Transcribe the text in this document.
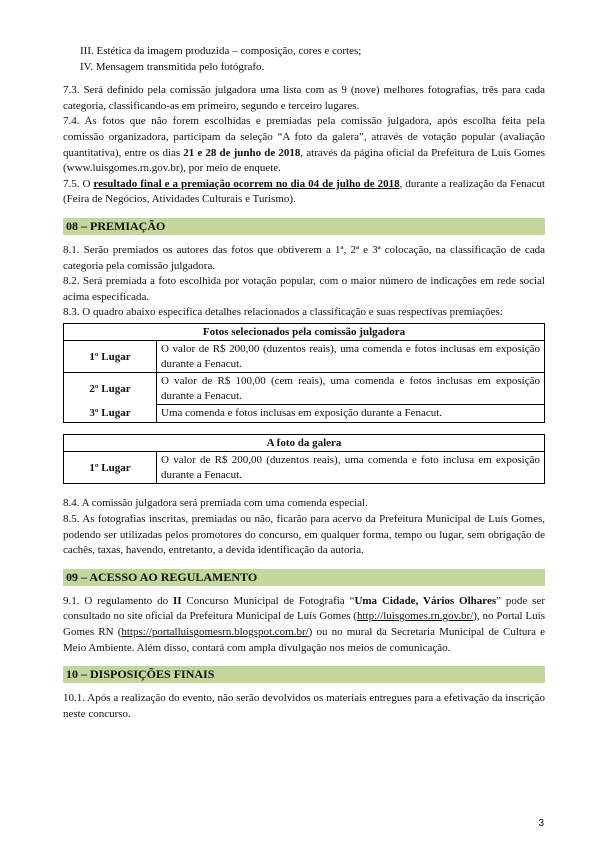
III. Estética da imagem produzida – composição, cores e cortes;

IV. Mensagem transmitida pelo fotógrafo.

7.3. Será definido pela comissão julgadora uma lista com as 9 (nove) melhores fotografias, três para cada categoria, classificando-as em primeiro, segundo e terceiro lugares.

7.4. As fotos que não forem escolhidas e premiadas pela comissão julgadora, após escolha feita pela comissão organizadora, participam da seleção “A foto da galera”, através de votação popular (avaliação quantitativa), entre os dias 21 e 28 de junho de 2018, através da página oficial da Prefeitura de Luís Gomes (www.luisgomes.rn.gov.br), por meio de enquete.

7.5. O resultado final e a premiação ocorrem no dia 04 de julho de 2018, durante a realização da Fenacut (Feira de Negócios, Atividades Culturais e Turismo).

08 – PREMIAÇÃO

8.1. Serão premiados os autores das fotos que obtiverem a 1ª, 2ª e 3ª colocação, na classificação de cada categoria pela comissão julgadora.

8.2. Será premiada a foto escolhida por votação popular, com o maior número de indicações em rede social acima especificada.

8.3. O quadro abaixo especifica detalhes relacionados a classificação e suas respectivas premiações:

Fotos selecionados pela comissão julgadora	
1º Lugar	O valor de R$ 200,00 (duzentos reais), uma comenda e fotos inclusas em exposição durante a Fenacut.
2º Lugar	O valor de R$ 100,00 (cem reais), uma comenda e fotos inclusas em exposição durante a Fenacut.
3º Lugar	Uma comenda e fotos inclusas em exposição durante a Fenacut.
A foto da galera
1º Lugar	O valor de R$ 200,00 (duzentos reais), uma comenda e foto inclusa em exposição durante a Fenacut.

8.4. A comissão julgadora será premiada com uma comenda especial.

8.5. As fotografias inscritas, premiadas ou não, ficarão para acervo da Prefeitura Municipal de Luís Gomes, podendo ser utilizadas pelos promotores do concurso, em qualquer forma, tempo ou lugar, sem obrigação de cachês, taxas, havendo, entretanto, a devida identificação da autoria.

09 – ACESSO AO REGULAMENTO

9.1. O regulamento do II Concurso Municipal de Fotografia “Uma Cidade, Vários Olhares” pode ser consultado no site oficial da Prefeitura Municipal de Luís Gomes (http://luisgomes.rn.gov.br/), no Portal Luís Gomes RN (https://portalluisgomesrn.blogspot.com.br/) ou no mural da Secretaria Municipal de Cultura e Meio Ambiente. Além disso, contará com ampla divulgação nos meios de comunicação.

10 – DISPOSIÇÕES FINAIS

10.1. Após a realização do evento, não serão devolvidos os materiais entregues para a efetivação da inscrição neste concurso.

3
